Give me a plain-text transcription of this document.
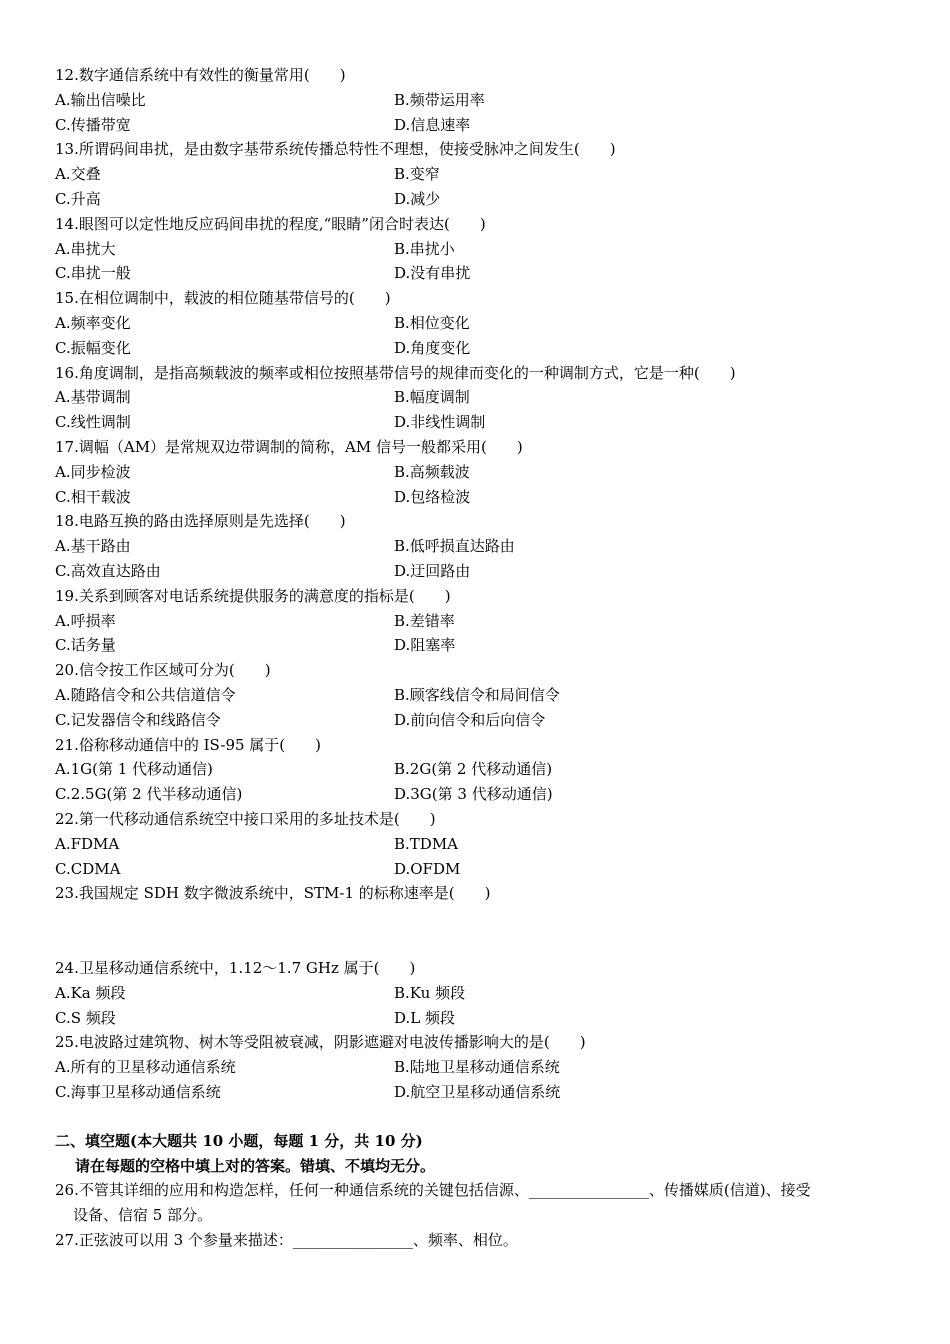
12.数字通信系统中有效性的衡量常用(　　)
A.输出信噪比	B.频带运用率
C.传播带宽	D.信息速率
13.所谓码间串扰，是由数字基带系统传播总特性不理想，使接受脉冲之间发生(　　)
A.交叠	B.变窄
C.升高	D.减少
14.眼图可以定性地反应码间串扰的程度,“眼睛”闭合时表达(　　)
A.串扰大	B.串扰小
C.串扰一般	D.没有串扰
15.在相位调制中，载波的相位随基带信号的(　　)
A.频率变化	B.相位变化
C.振幅变化	D.角度变化
16.角度调制，是指高频载波的频率或相位按照基带信号的规律而变化的一种调制方式，它是一种(　　)
A.基带调制	B.幅度调制
C.线性调制	D.非线性调制
17.调幅（AM）是常规双边带调制的简称，AM 信号一般都采用(　　)
A.同步检波	B.高频载波
C.相干载波	D.包络检波
18.电路互换的路由选择原则是先选择(　　)
A.基干路由	B.低呼损直达路由
C.高效直达路由	D.迂回路由
19.关系到顾客对电话系统提供服务的满意度的指标是(　　)
A.呼损率	B.差错率
C.话务量	D.阻塞率
20.信令按工作区域可分为(　　)
A.随路信令和公共信道信令	B.顾客线信令和局间信令
C.记发器信令和线路信令	D.前向信令和后向信令
21.俗称移动通信中的 IS-95 属于(　　)
A.1G(第 1 代移动通信)	B.2G(第 2 代移动通信)
C.2.5G(第 2 代半移动通信)	D.3G(第 3 代移动通信)
22.第一代移动通信系统空中接口采用的多址技术是(　　)
A.FDMA	B.TDMA
C.CDMA	D.OFDM
23.我国规定 SDH 数字微波系统中，STM-1 的标称速率是(　　)
24.卫星移动通信系统中，1.12～1.7 GHz 属于(　　)
A.Ka 频段	B.Ku 频段
C.S 频段	D.L 频段
25.电波路过建筑物、树木等受阻被衰减，阴影遮避对电波传播影响大的是(　　)
A.所有的卫星移动通信系统	B.陆地卫星移动通信系统
C.海事卫星移动通信系统	D.航空卫星移动通信系统
二、填空题(本大题共 10 小题，每题 1 分，共 10 分)
请在每题的空格中填上对的答案。错填、不填均无分。
26.不管其详细的应用和构造怎样，任何一种通信系统的关键包括信源、________________、传播媒质(信道)、接受
设备、信宿 5 部分。
27.正弦波可以用 3 个参量来描述：________________、频率、相位。
